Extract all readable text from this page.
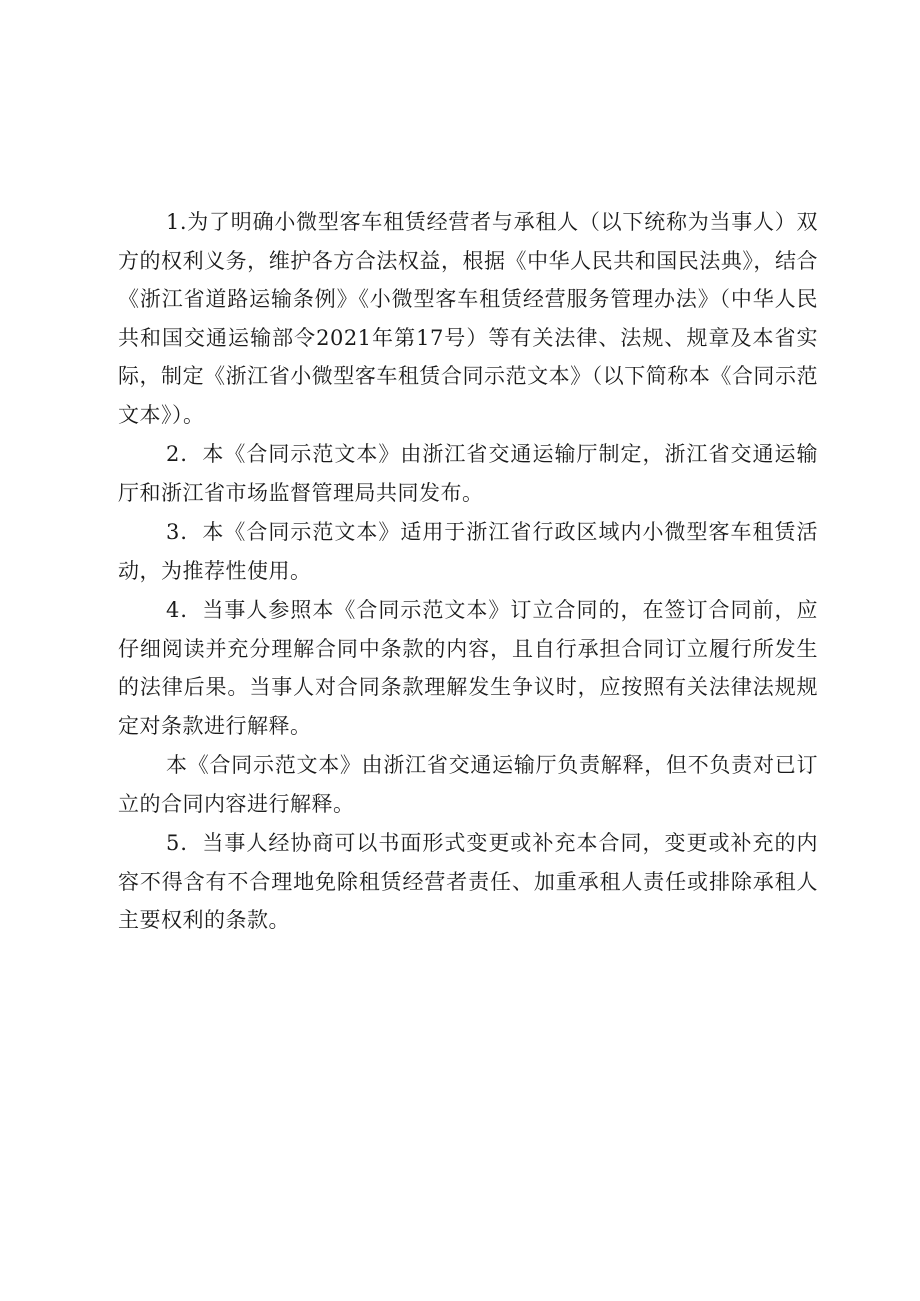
1.为了明确小微型客车租赁经营者与承租人（以下统称为当事人）双方的权利义务，维护各方合法权益，根据《中华人民共和国民法典》，结合《浙江省道路运输条例》《小微型客车租赁经营服务管理办法》（中华人民共和国交通运输部令2021年第17号）等有关法律、法规、规章及本省实际，制定《浙江省小微型客车租赁合同示范文本》（以下简称本《合同示范文本》）。

2．本《合同示范文本》由浙江省交通运输厅制定，浙江省交通运输厅和浙江省市场监督管理局共同发布。

3．本《合同示范文本》适用于浙江省行政区域内小微型客车租赁活动，为推荐性使用。

4．当事人参照本《合同示范文本》订立合同的，在签订合同前，应仔细阅读并充分理解合同中条款的内容，且自行承担合同订立履行所发生的法律后果。当事人对合同条款理解发生争议时，应按照有关法律法规规定对条款进行解释。

本《合同示范文本》由浙江省交通运输厅负责解释，但不负责对已订立的合同内容进行解释。

5．当事人经协商可以书面形式变更或补充本合同，变更或补充的内容不得含有不合理地免除租赁经营者责任、加重承租人责任或排除承租人主要权利的条款。
